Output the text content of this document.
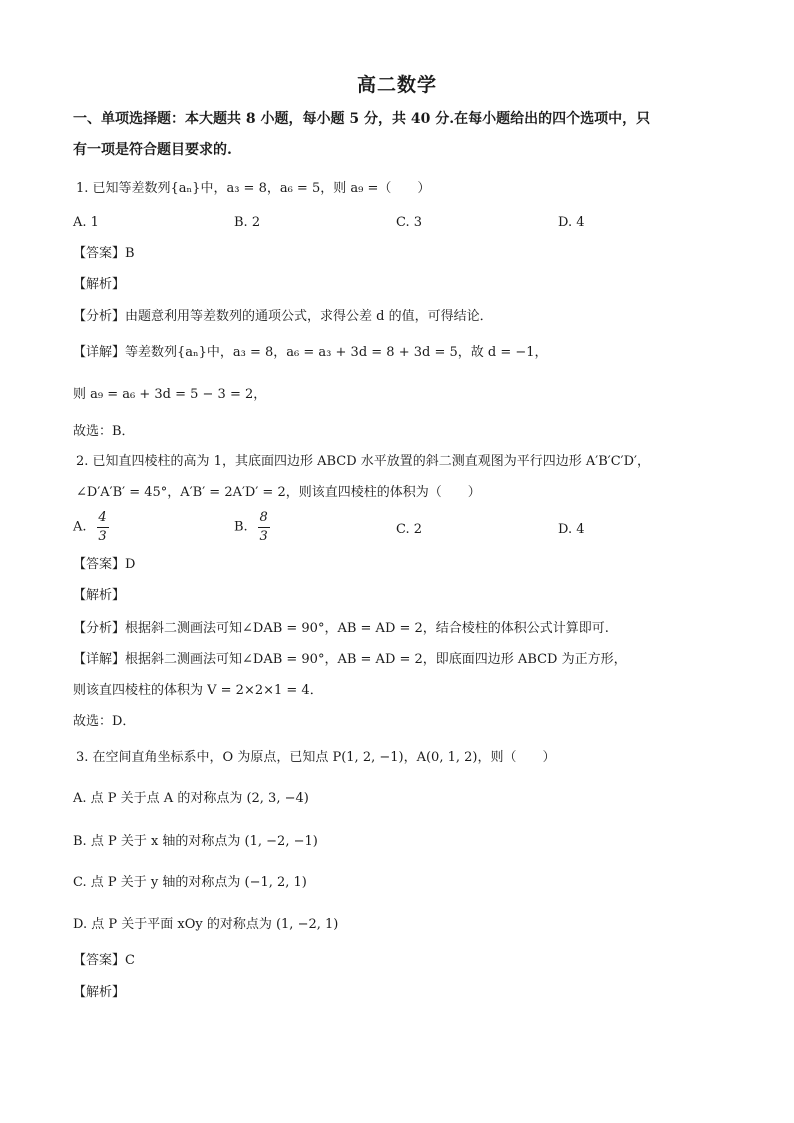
高二数学
一、单项选择题：本大题共 8 小题，每小题 5 分，共 40 分.在每小题给出的四个选项中，只
有一项是符合题目要求的.
1. 已知等差数列{aₙ}中，a₃ = 8，a₆ = 5，则 a₉ =（　　）
A. 1	B. 2	C. 3	D. 4
【答案】B
【解析】
【分析】由题意利用等差数列的通项公式，求得公差 d 的值，可得结论．
【详解】等差数列{aₙ}中，a₃ = 8，a₆ = a₃ + 3d = 8 + 3d = 5，故 d = −1，
则 a₉ = a₆ + 3d = 5 − 3 = 2，
故选：B．
2. 已知直四棱柱的高为 1，其底面四边形 ABCD 水平放置的斜二测直观图为平行四边形 A′B′C′D′，
∠D′A′B′ = 45°，A′B′ = 2A′D′ = 2，则该直四棱柱的体积为（　　）
A. $\frac{4}{3}$	B. $\frac{8}{3}$	C. 2	D. 4
【答案】D
【解析】
【分析】根据斜二测画法可知∠DAB = 90°，AB = AD = 2，结合棱柱的体积公式计算即可.
【详解】根据斜二测画法可知∠DAB = 90°，AB = AD = 2，即底面四边形 ABCD 为正方形，
则该直四棱柱的体积为 V = 2×2×1 = 4．
故选：D．
3. 在空间直角坐标系中，O 为原点，已知点 P(1, 2, −1)，A(0, 1, 2)，则（　　）
A. 点 P 关于点 A 的对称点为 (2, 3, −4)
B. 点 P 关于 x 轴的对称点为 (1, −2, −1)
C. 点 P 关于 y 轴的对称点为 (−1, 2, 1)
D. 点 P 关于平面 xOy 的对称点为 (1, −2, 1)
【答案】C
【解析】
